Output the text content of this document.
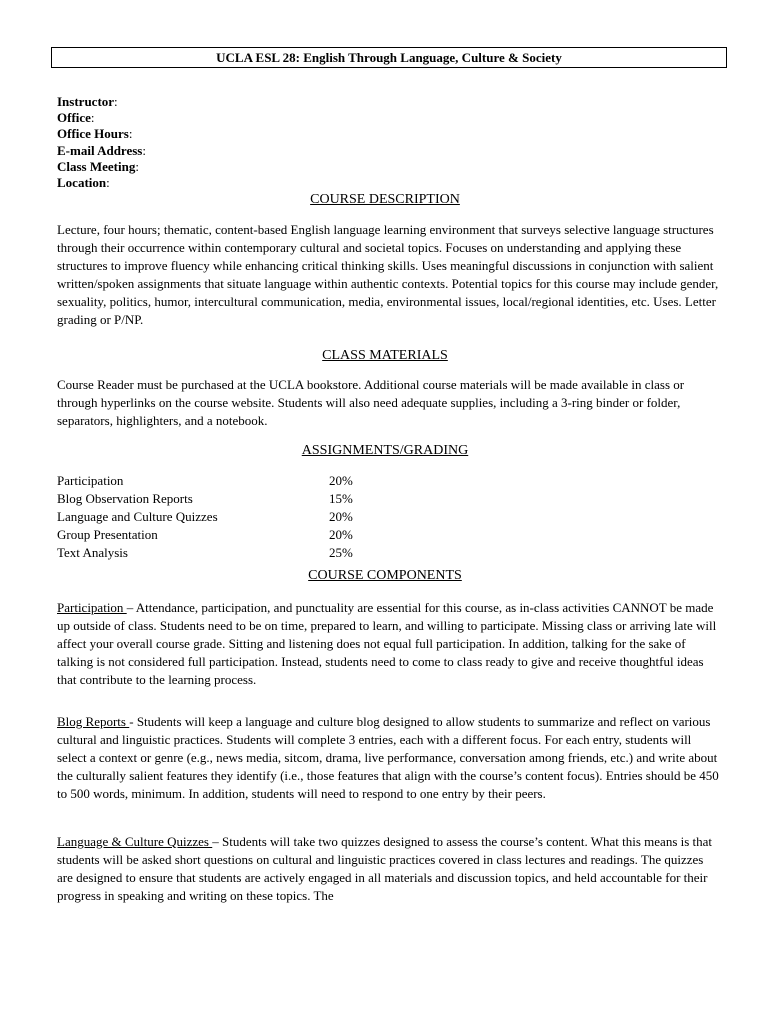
UCLA ESL 28: English Through Language, Culture & Society
Instructor:
Office:
Office Hours:
E-mail Address:
Class Meeting:
Location:
COURSE DESCRIPTION
Lecture, four hours; thematic, content-based English language learning environment that surveys selective language structures through their occurrence within contemporary cultural and societal topics. Focuses on understanding and applying these structures to improve fluency while enhancing critical thinking skills. Uses meaningful discussions in conjunction with salient written/spoken assignments that situate language within authentic contexts. Potential topics for this course may include gender, sexuality, politics, humor, intercultural communication, media, environmental issues, local/regional identities, etc. Uses. Letter grading or P/NP.
CLASS MATERIALS
Course Reader must be purchased at the UCLA bookstore. Additional course materials will be made available in class or through hyperlinks on the course website. Students will also need adequate supplies, including a 3-ring binder or folder, separators, highlighters, and a notebook.
ASSIGNMENTS/GRADING
Participation	20%
Blog Observation Reports	15%
Language and Culture Quizzes	20%
Group Presentation	20%
Text Analysis	25%
COURSE COMPONENTS
Participation – Attendance, participation, and punctuality are essential for this course, as in-class activities CANNOT be made up outside of class. Students need to be on time, prepared to learn, and willing to participate. Missing class or arriving late will affect your overall course grade. Sitting and listening does not equal full participation. In addition, talking for the sake of talking is not considered full participation. Instead, students need to come to class ready to give and receive thoughtful ideas that contribute to the learning process.
Blog Reports - Students will keep a language and culture blog designed to allow students to summarize and reflect on various cultural and linguistic practices. Students will complete 3 entries, each with a different focus. For each entry, students will select a context or genre (e.g., news media, sitcom, drama, live performance, conversation among friends, etc.) and write about the culturally salient features they identify (i.e., those features that align with the course’s content focus). Entries should be 450 to 500 words, minimum. In addition, students will need to respond to one entry by their peers.
Language & Culture Quizzes – Students will take two quizzes designed to assess the course’s content. What this means is that students will be asked short questions on cultural and linguistic practices covered in class lectures and readings. The quizzes are designed to ensure that students are actively engaged in all materials and discussion topics, and held accountable for their progress in speaking and writing on these topics. The
